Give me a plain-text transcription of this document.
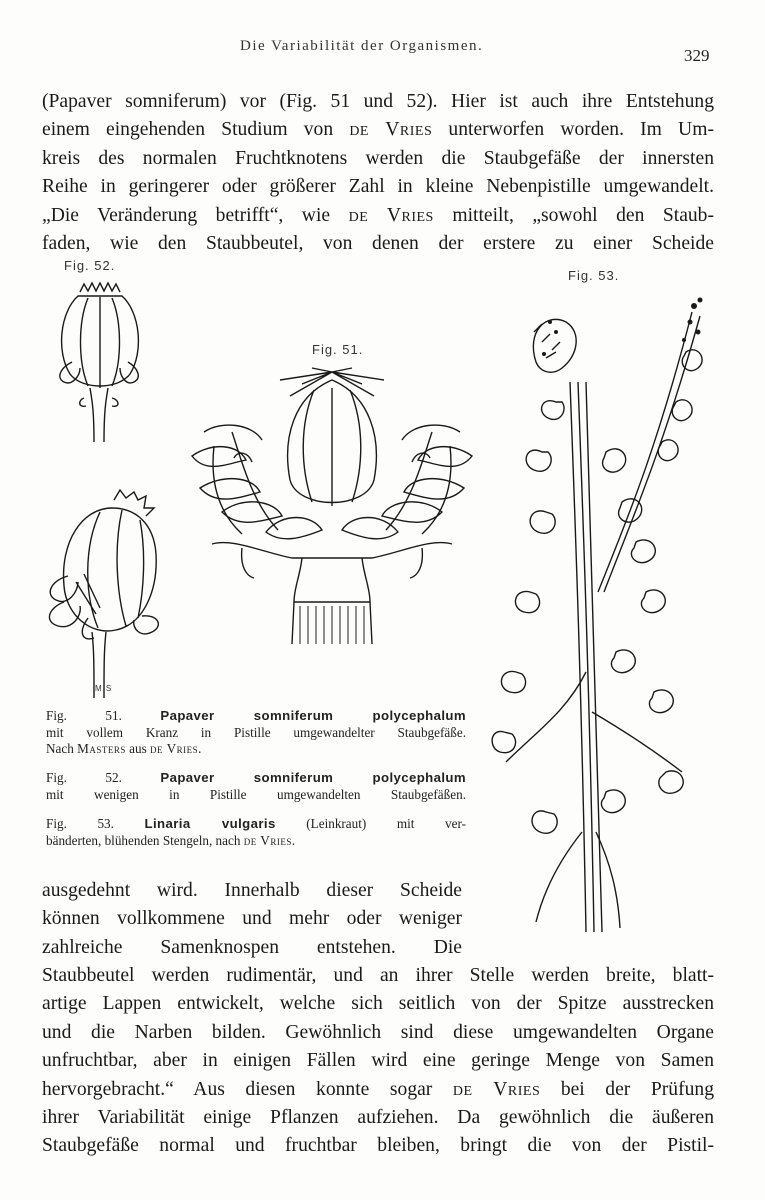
Die Variabilität der Organismen.	329
(Papaver somniferum) vor (Fig. 51 und 52). Hier ist auch ihre Entstehung
einem eingehenden Studium von de Vries unterworfen worden. Im Um-
kreis des normalen Fruchtknotens werden die Staubgefäße der innersten
Reihe in geringerer oder größerer Zahl in kleine Nebenpistille umgewandelt.
„Die Veränderung betrifft“, wie de Vries mitteilt, „sowohl den Staub-
faden, wie den Staubbeutel, von denen der erstere zu einer Scheide
Fig. 52.
Fig. 51.
Fig. 53.
M.S
Fig. 51.	Papaver somniferum polycephalum
mit vollem Kranz in Pistille umgewandelter Staubgefäße.
Nach Masters aus de Vries.
Fig. 52.	Papaver somniferum polycephalum
mit wenigen in Pistille umgewandelten Staubgefäßen.
Fig. 53. Linaria vulgaris (Leinkraut) mit ver-
bänderten, blühenden Stengeln, nach de Vries.
ausgedehnt wird. Innerhalb dieser Scheide
können vollkommene und mehr oder weniger
zahlreiche Samenknospen entstehen. Die
Staubbeutel werden rudimentär, und an ihrer Stelle werden breite, blatt-
artige Lappen entwickelt, welche sich seitlich von der Spitze ausstrecken
und die Narben bilden. Gewöhnlich sind diese umgewandelten Organe
unfruchtbar, aber in einigen Fällen wird eine geringe Menge von Samen
hervorgebracht.“ Aus diesen konnte sogar de Vries bei der Prüfung
ihrer Variabilität einige Pflanzen aufziehen. Da gewöhnlich die äußeren
Staubgefäße normal und fruchtbar bleiben, bringt die von der Pistil-
